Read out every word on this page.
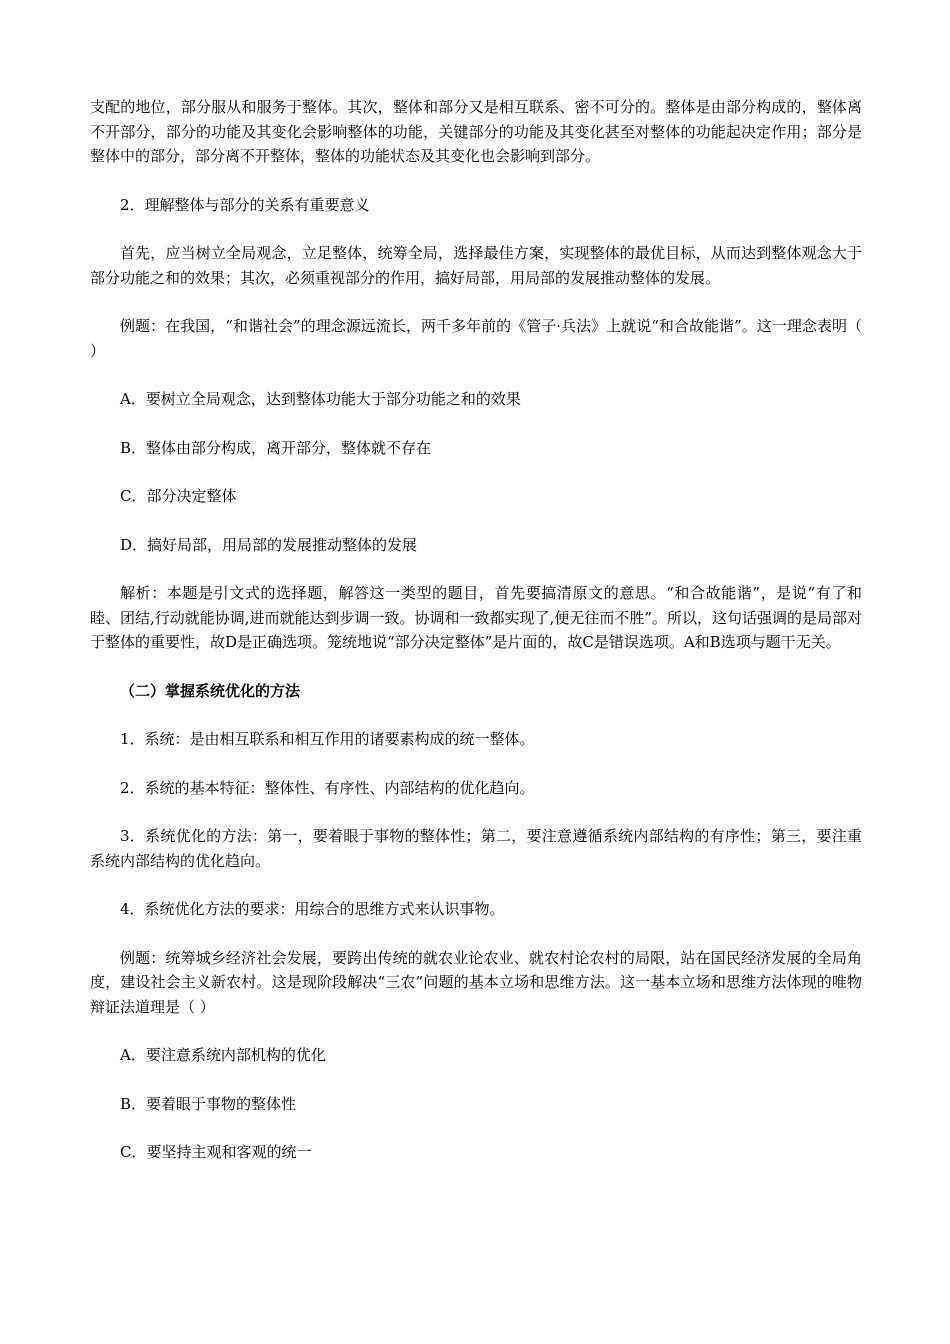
支配的地位，部分服从和服务于整体。其次，整体和部分又是相互联系、密不可分的。整体是由部分构成的，整体离不开部分，部分的功能及其变化会影响整体的功能，关键部分的功能及其变化甚至对整体的功能起决定作用；部分是整体中的部分，部分离不开整体，整体的功能状态及其变化也会影响到部分。

2．理解整体与部分的关系有重要意义

首先，应当树立全局观念，立足整体，统筹全局，选择最佳方案，实现整体的最优目标，从而达到整体观念大于部分功能之和的效果；其次，必须重视部分的作用，搞好局部，用局部的发展推动整体的发展。

例题：在我国，“和谐社会”的理念源远流长，两千多年前的《管子·兵法》上就说“和合故能谐”。这一理念表明（ ）

A．要树立全局观念，达到整体功能大于部分功能之和的效果

B．整体由部分构成，离开部分，整体就不存在

C．部分决定整体

D．搞好局部，用局部的发展推动整体的发展

解析：本题是引文式的选择题，解答这一类型的题目，首先要搞清原文的意思。“和合故能谐”，是说“有了和睦、团结,行动就能协调,进而就能达到步调一致。协调和一致都实现了,便无往而不胜”。所以，这句话强调的是局部对于整体的重要性，故D是正确选项。笼统地说“部分决定整体”是片面的，故C是错误选项。A和B选项与题干无关。

（二）掌握系统优化的方法

1．系统：是由相互联系和相互作用的诸要素构成的统一整体。

2．系统的基本特征：整体性、有序性、内部结构的优化趋向。

3．系统优化的方法：第一，要着眼于事物的整体性；第二，要注意遵循系统内部结构的有序性；第三，要注重系统内部结构的优化趋向。

4．系统优化方法的要求：用综合的思维方式来认识事物。

例题：统筹城乡经济社会发展，要跨出传统的就农业论农业、就农村论农村的局限，站在国民经济发展的全局角度，建设社会主义新农村。这是现阶段解决“三农”问题的基本立场和思维方法。这一基本立场和思维方法体现的唯物辩证法道理是（ ）

A．要注意系统内部机构的优化

B．要着眼于事物的整体性

C．要坚持主观和客观的统一
